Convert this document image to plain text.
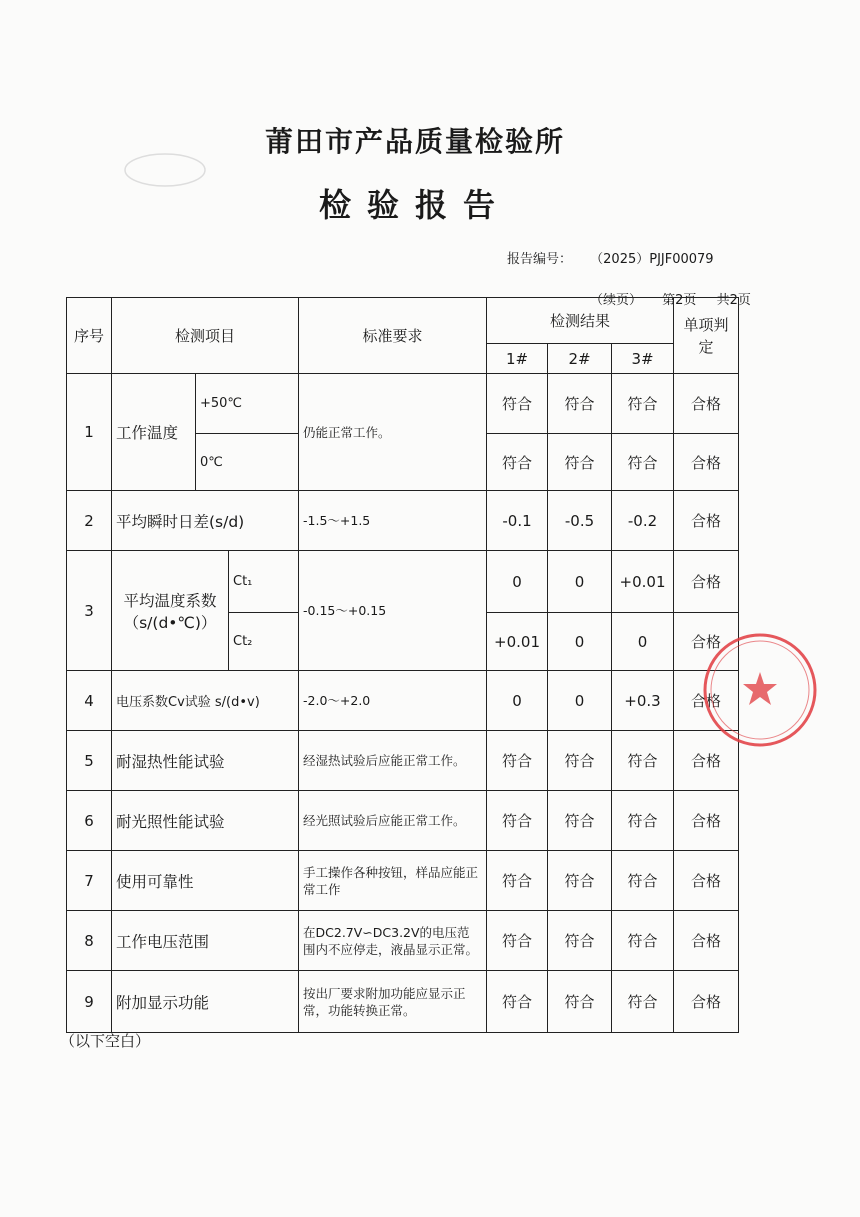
莆田市产品质量检验所
检验报告
报告编号： （2025）PJJF00079
（续页） 第2页 共2页
序号	检测项目			标准要求	检测结果			单项判定
					1#	2#	3#	
1	工作温度	+50℃		仍能正常工作。	符合	符合	符合	合格
		0℃			符合	符合	符合	合格
2	平均瞬时日差(s/d)			-1.5～+1.5	-0.1	-0.5	-0.2	合格
3	平均温度系数（s/(d•℃)）		Ct₁	-0.15～+0.15	0	0	+0.01	合格
			Ct₂		+0.01	0	0	合格
4	电压系数Cv试验 s/(d•v)			-2.0～+2.0	0	0	+0.3	合格
5	耐湿热性能试验			经湿热试验后应能正常工作。	符合	符合	符合	合格
6	耐光照性能试验			经光照试验后应能正常工作。	符合	符合	符合	合格
7	使用可靠性			手工操作各种按钮，样品应能正常工作	符合	符合	符合	合格
8	工作电压范围			在DC2.7V∽DC3.2V的电压范围内不应停走，液晶显示正常。	符合	符合	符合	合格
9	附加显示功能			按出厂要求附加功能应显示正常，功能转换正常。	符合	符合	符合	合格
（以下空白）
